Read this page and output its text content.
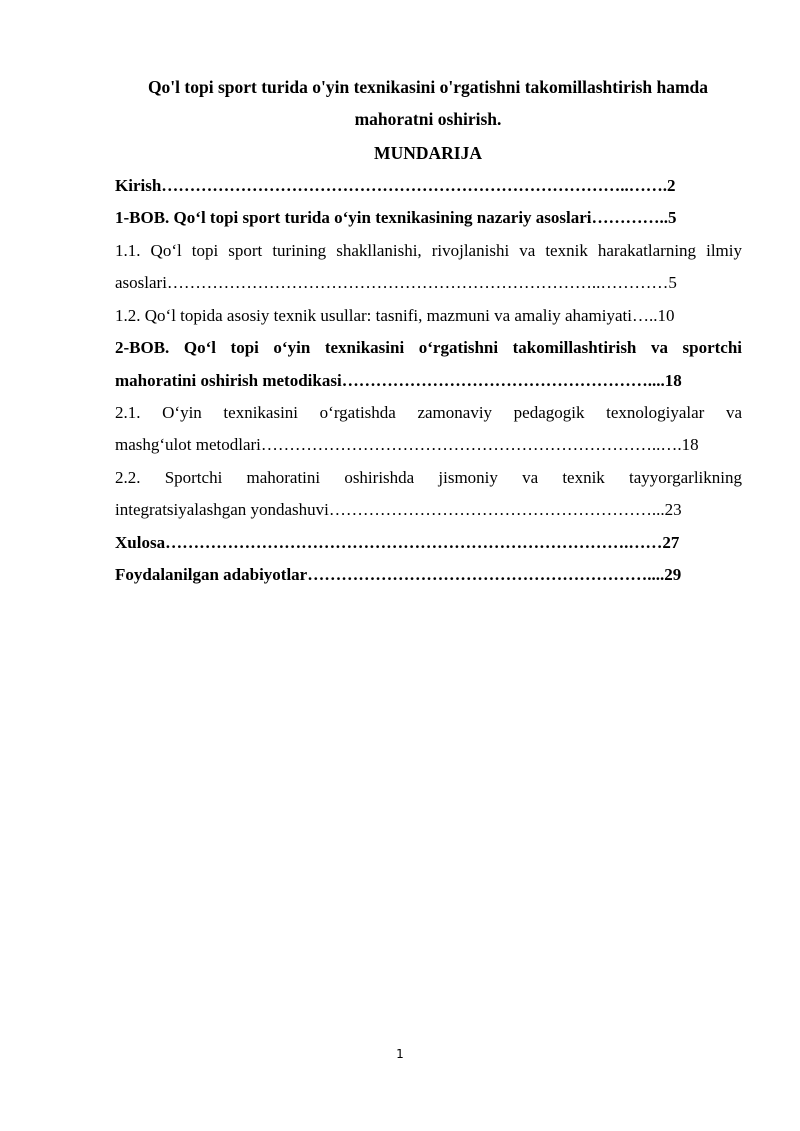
Qo'l topi sport turida o'yin texnikasini o'rgatishni takomillashtirish hamda
mahoratni oshirish.
MUNDARIJA
Kirish………………………………………………………………………..…….2
1-BOB. Qo‘l topi sport turida o‘yin texnikasining nazariy asoslari…………..5
1.1. Qo‘l topi sport turining shakllanishi, rivojlanishi va texnik harakatlarning ilmiy
asoslari…………………………………………………………………..…………5
1.2. Qo‘l topida asosiy texnik usullar: tasnifi, mazmuni va amaliy ahamiyati…..10
2-BOB. Qo‘l topi o‘yin texnikasini o‘rgatishni takomillashtirish va sportchi
mahoratini oshirish metodikasi………………………………………………....18
2.1. O‘yin texnikasini o‘rgatishda zamonaviy pedagogik texnologiyalar va
mashg‘ulot metodlari……………………………………………………………..….18
2.2. Sportchi mahoratini oshirishda jismoniy va texnik tayyorgarlikning
integratsiyalashgan yondashuvi…………………………………………………...23
Xulosa……………………………………………………………………….……27
Foydalanilgan adabiyotlar……………………………………………………....29
1
